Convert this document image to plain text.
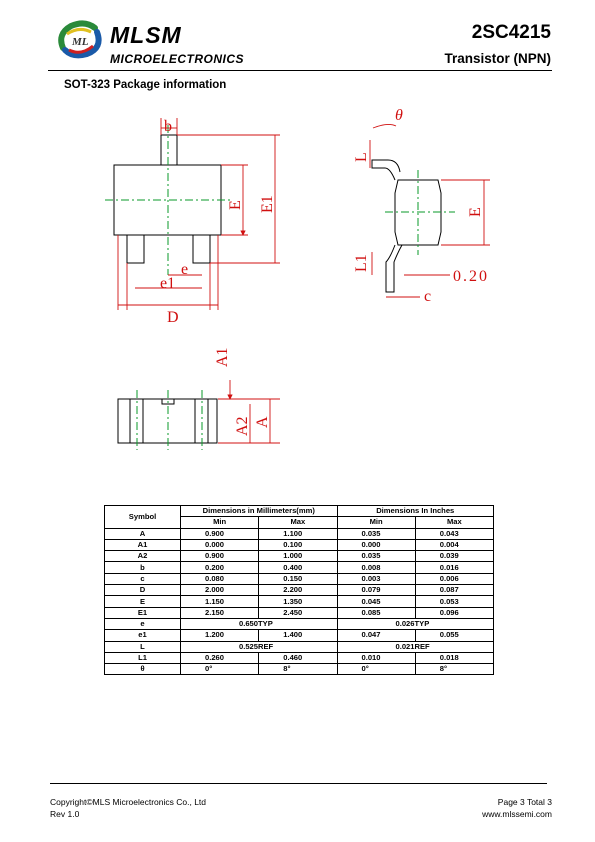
ML MLSM
MICROELECTRONICS
2SC4215
Transistor (NPN)
SOT-323 Package information
b
e
e1
D
E E1
θ
L
L1
c
0.20
E
A1
A2 A
Symbol	Dimensions in Millimeters(mm)		Dimensions In Inches	
	Min	Max	Min	Max
A	0.900	1.100	0.035	0.043
A1	0.000	0.100	0.000	0.004
A2	0.900	1.000	0.035	0.039
b	0.200	0.400	0.008	0.016
c	0.080	0.150	0.003	0.006
D	2.000	2.200	0.079	0.087
E	1.150	1.350	0.045	0.053
E1	2.150	2.450	0.085	0.096
e	0.650TYP		0.026TYP	
e1	1.200	1.400	0.047	0.055
L	0.525REF		0.021REF	
L1	0.260	0.460	0.010	0.018
θ	0°	8°	0°	8°
Copyright©MLS Microelectronics Co., Ltd
Rev 1.0
Page 3 Total 3
www.mlssemi.com
